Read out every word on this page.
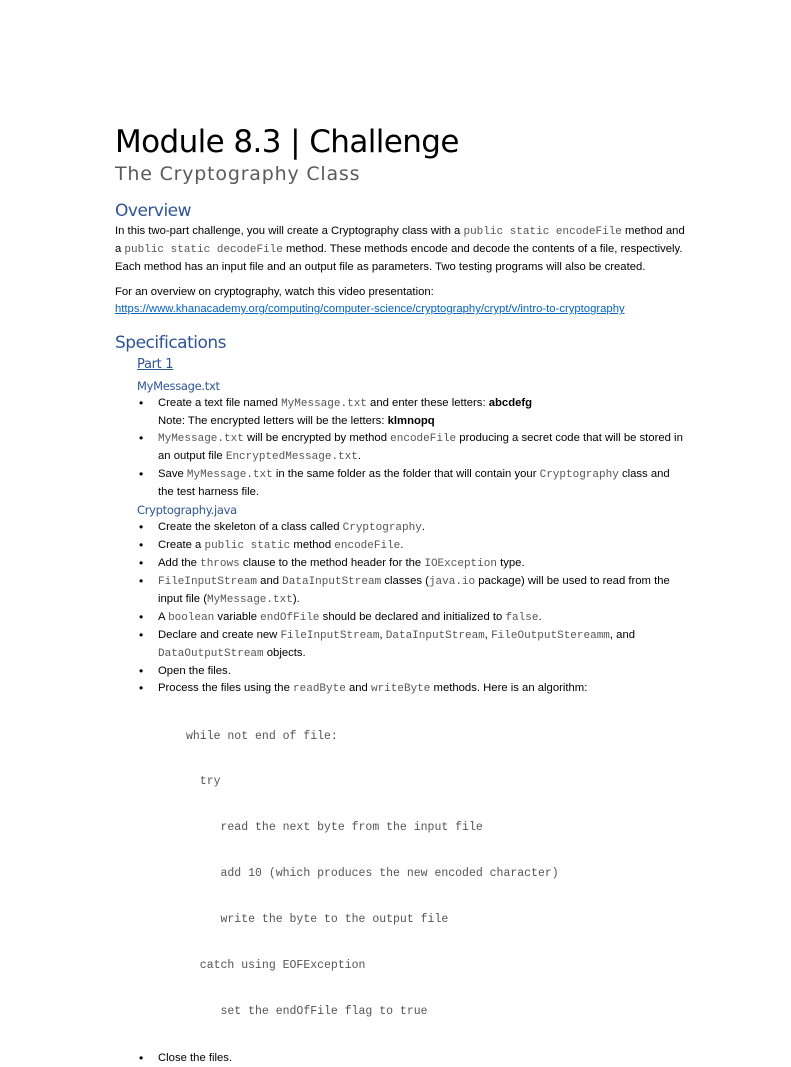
Module 8.3 | Challenge
The Cryptography Class
Overview

In this two-part challenge, you will create a Cryptography class with a public static encodeFile method and a public static decodeFile method. These methods encode and decode the contents of a file, respectively. Each method has an input file and an output file as parameters. Two testing programs will also be created.

For an overview on cryptography, watch this video presentation:
https://www.khanacademy.org/computing/computer-science/cryptography/crypt/v/intro-to-cryptography

Specifications
Part 1
MyMessage.txt
• Create a text file named MyMessage.txt and enter these letters: abcdefg
Note: The encrypted letters will be the letters: klmnopq
• MyMessage.txt will be encrypted by method encodeFile producing a secret code that will be stored in an output file EncryptedMessage.txt.
• Save MyMessage.txt in the same folder as the folder that will contain your Cryptography class and the test harness file.
Cryptography.java
• Create the skeleton of a class called Cryptography.
• Create a public static method encodeFile.
• Add the throws clause to the method header for the IOException type.
• FileInputStream and DataInputStream classes (java.io package) will be used to read from the input file (MyMessage.txt).
• A boolean variable endOfFile should be declared and initialized to false.
• Declare and create new FileInputStream, DataInputStream, FileOutputStereamm, and DataOutputStream objects.
• Open the files.
• Process the files using the readByte and writeByte methods. Here is an algorithm:

while not end of file:

try

read the next byte from the input file

add 10 (which produces the new encoded character)

write the byte to the output file

catch using EOFException

set the endOfFile flag to true

• Close the files.
